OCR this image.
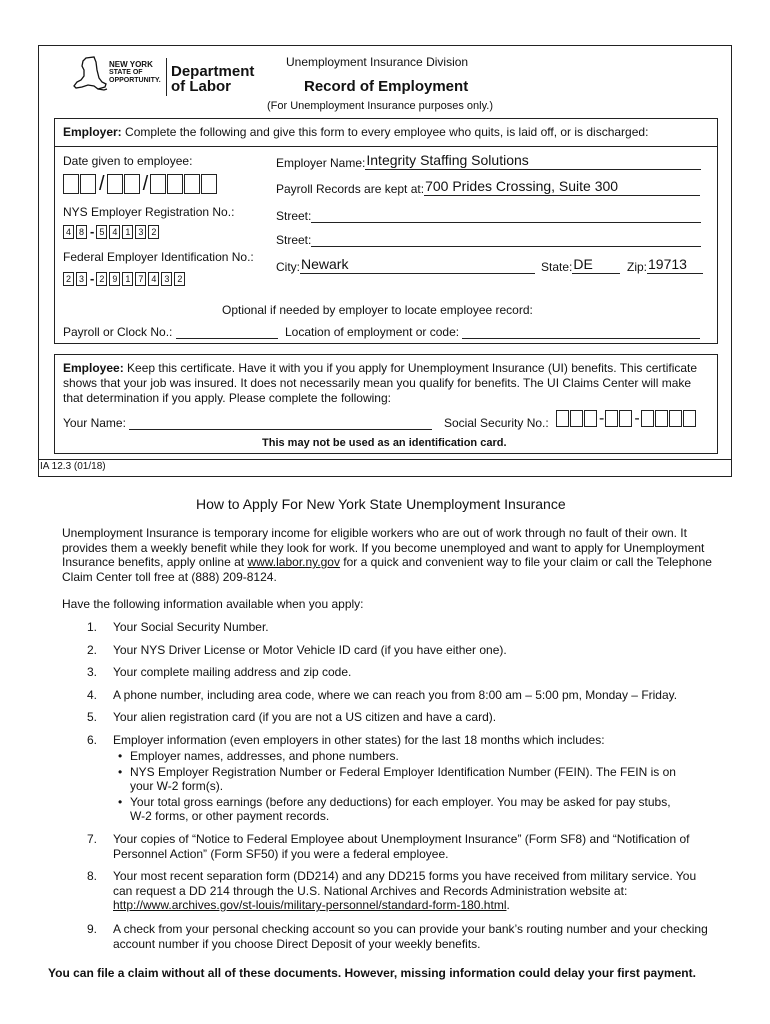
NEW YORK
STATE OF
OPPORTUNITY.
Department
of Labor
Unemployment Insurance Division
Record of Employment
(For Unemployment Insurance purposes only.)
Employer: Complete the following and give this form to every employee who quits, is laid off, or is discharged:
Date given to employee:
/ /
NYS Employer Registration No.:
4 8 - 5 4 1 3 2
Federal Employer Identification No.:
2 3 - 2 9 1 7 4 3 2
Employer Name: Integrity Staffing Solutions
Payroll Records are kept at: 700 Prides Crossing, Suite 300
Street:
Street:
City: Newark	State: DE	Zip: 19713
Optional if needed by employer to locate employee record:
Payroll or Clock No.:	Location of employment or code:
Employee: Keep this certificate. Have it with you if you apply for Unemployment Insurance (UI) benefits. This certificate shows that your job was insured. It does not necessarily mean you qualify for benefits. The UI Claims Center will make that determination if you apply. Please complete the following:
Your Name:	Social Security No.:	- -
This may not be used as an identification card.
IA 12.3 (01/18)
How to Apply For New York State Unemployment Insurance
Unemployment Insurance is temporary income for eligible workers who are out of work through no fault of their own. It provides them a weekly benefit while they look for work. If you become unemployed and want to apply for Unemployment Insurance benefits, apply online at www.labor.ny.gov for a quick and convenient way to file your claim or call the Telephone Claim Center toll free at (888) 209-8124.
Have the following information available when you apply:
1. Your Social Security Number.
2. Your NYS Driver License or Motor Vehicle ID card (if you have either one).
3. Your complete mailing address and zip code.
4. A phone number, including area code, where we can reach you from 8:00 am – 5:00 pm, Monday – Friday.
5. Your alien registration card (if you are not a US citizen and have a card).
6. Employer information (even employers in other states) for the last 18 months which includes:
• Employer names, addresses, and phone numbers.
• NYS Employer Registration Number or Federal Employer Identification Number (FEIN). The FEIN is on your W-2 form(s).
• Your total gross earnings (before any deductions) for each employer. You may be asked for pay stubs, W-2 forms, or other payment records.
7. Your copies of “Notice to Federal Employee about Unemployment Insurance” (Form SF8) and “Notification of Personnel Action” (Form SF50) if you were a federal employee.
8. Your most recent separation form (DD214) and any DD215 forms you have received from military service. You can request a DD 214 through the U.S. National Archives and Records Administration website at: http://www.archives.gov/st-louis/military-personnel/standard-form-180.html.
9. A check from your personal checking account so you can provide your bank’s routing number and your checking account number if you choose Direct Deposit of your weekly benefits.
You can file a claim without all of these documents. However, missing information could delay your first payment.
